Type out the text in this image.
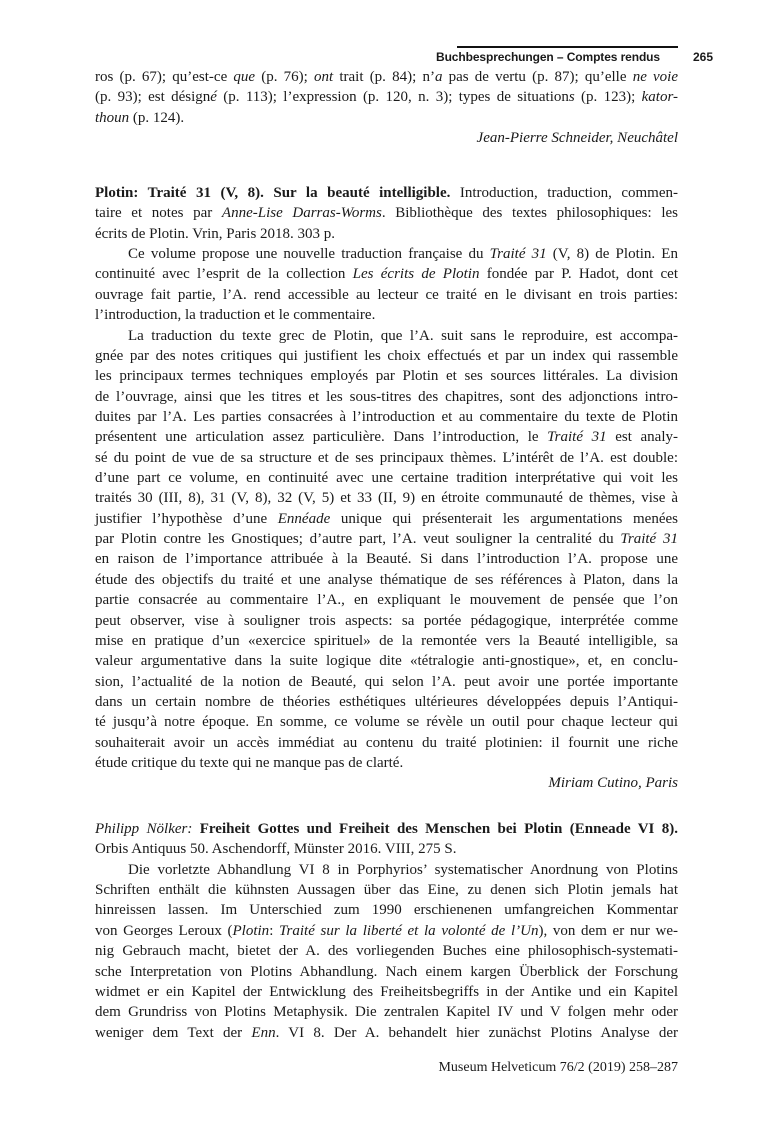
Buchbesprechungen – Comptes rendus	265
ros (p. 67); qu’est-ce que (p. 76); ont trait (p. 84); n’a pas de vertu (p. 87); qu’elle ne voie
(p. 93); est désigné (p. 113); l’expression (p. 120, n. 3); types de situations (p. 123); kator-
thoun (p. 124).
Jean-Pierre Schneider, Neuchâtel
Plotin: Traité 31 (V, 8). Sur la beauté intelligible. Introduction, traduction, commen-
taire et notes par Anne-Lise Darras-Worms. Bibliothèque des textes philosophiques: les
écrits de Plotin. Vrin, Paris 2018. 303 p.
Ce volume propose une nouvelle traduction française du Traité 31 (V, 8) de Plotin. En
continuité avec l’esprit de la collection Les écrits de Plotin fondée par P. Hadot, dont cet
ouvrage fait partie, l’A. rend accessible au lecteur ce traité en le divisant en trois parties:
l’introduction, la traduction et le commentaire.
La traduction du texte grec de Plotin, que l’A. suit sans le reproduire, est accompa-
gnée par des notes critiques qui justifient les choix effectués et par un index qui rassemble
les principaux termes techniques employés par Plotin et ses sources littérales. La division
de l’ouvrage, ainsi que les titres et les sous-titres des chapitres, sont des adjonctions intro-
duites par l’A. Les parties consacrées à l’introduction et au commentaire du texte de Plotin
présentent une articulation assez particulière. Dans l’introduction, le Traité 31 est analy-
sé du point de vue de sa structure et de ses principaux thèmes. L’intérêt de l’A. est double:
d’une part ce volume, en continuité avec une certaine tradition interprétative qui voit les
traités 30 (III, 8), 31 (V, 8), 32 (V, 5) et 33 (II, 9) en étroite communauté de thèmes, vise à
justifier l’hypothèse d’une Ennéade unique qui présenterait les argumentations menées
par Plotin contre les Gnostiques; d’autre part, l’A. veut souligner la centralité du Traité 31
en raison de l’importance attribuée à la Beauté. Si dans l’introduction l’A. propose une
étude des objectifs du traité et une analyse thématique de ses références à Platon, dans la
partie consacrée au commentaire l’A., en expliquant le mouvement de pensée que l’on
peut observer, vise à souligner trois aspects: sa portée pédagogique, interprétée comme
mise en pratique d’un «exercice spirituel» de la remontée vers la Beauté intelligible, sa
valeur argumentative dans la suite logique dite «tétralogie anti-gnostique», et, en conclu-
sion, l’actualité de la notion de Beauté, qui selon l’A. peut avoir une portée importante
dans un certain nombre de théories esthétiques ultérieures développées depuis l’Antiqui-
té jusqu’à notre époque. En somme, ce volume se révèle un outil pour chaque lecteur qui
souhaiterait avoir un accès immédiat au contenu du traité plotinien: il fournit une riche
étude critique du texte qui ne manque pas de clarté.
Miriam Cutino, Paris
Philipp Nölker: Freiheit Gottes und Freiheit des Menschen bei Plotin (Enneade VI 8).
Orbis Antiquus 50. Aschendorff, Münster 2016. VIII, 275 S.
Die vorletzte Abhandlung VI 8 in Porphyrios’ systematischer Anordnung von Plotins
Schriften enthält die kühnsten Aussagen über das Eine, zu denen sich Plotin jemals hat
hinreissen lassen. Im Unterschied zum 1990 erschienenen umfangreichen Kommentar
von Georges Leroux (Plotin: Traité sur la liberté et la volonté de l’Un), von dem er nur we-
nig Gebrauch macht, bietet der A. des vorliegenden Buches eine philosophisch-systemati-
sche Interpretation von Plotins Abhandlung. Nach einem kargen Überblick der Forschung
widmet er ein Kapitel der Entwicklung des Freiheitsbegriffs in der Antike und ein Kapitel
dem Grundriss von Plotins Metaphysik. Die zentralen Kapitel IV und V folgen mehr oder
weniger dem Text der Enn. VI 8. Der A. behandelt hier zunächst Plotins Analyse der
Museum Helveticum 76/2 (2019) 258–287
